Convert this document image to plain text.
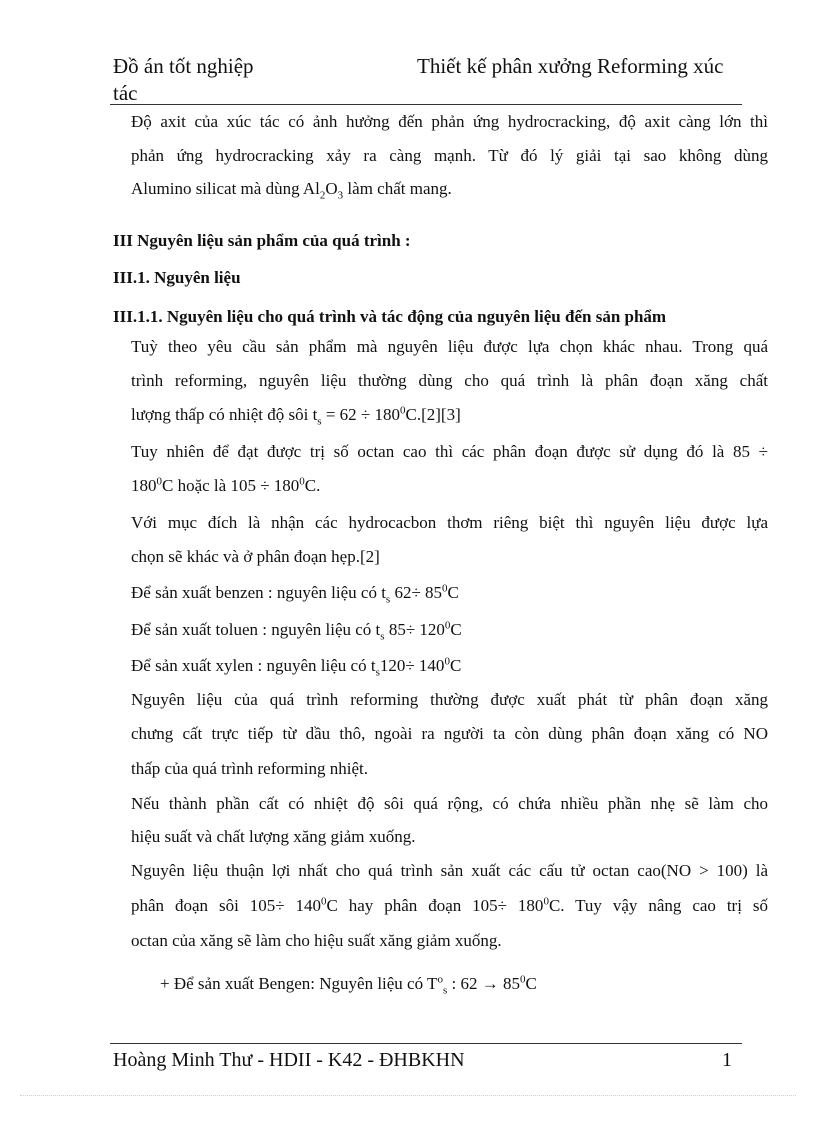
Đồ án tốt nghiệp
tác
Thiết kế phân xưởng Reforming xúc
Độ axit của xúc tác có ảnh hưởng đến phản ứng hydrocracking, độ axit càng lớn thì
phản ứng hydrocracking xảy ra càng mạnh. Từ đó lý giải tại sao không dùng
Alumino silicat mà dùng $Al_2O_3$ làm chất mang.
III Nguyên liệu sản phẩm của quá trình :
III.1. Nguyên liệu
III.1.1. Nguyên liệu cho quá trình và tác động của nguyên liệu đến sản phẩm
Tuỳ theo yêu cầu sản phẩm mà nguyên liệu được lựa chọn khác nhau. Trong quá
trình reforming, nguyên liệu thường dùng cho quá trình là phân đoạn xăng chất
lượng thấp có nhiệt độ sôi $t_s = 62 \div 180^0C.[2][3]$
Tuy nhiên để đạt được trị số octan cao thì các phân đoạn được sử dụng đó là 85 ÷
$180^0C$ hoặc là $105 \div 180^0C$.
Với mục đích là nhận các hydrocacbon thơm riêng biệt thì nguyên liệu được lựa
chọn sẽ khác và ở phân đoạn hẹp.[2]
Để sản xuất benzen : nguyên liệu có $t_s$ $62\div 85^0C$
Để sản xuất toluen : nguyên liệu có $t_s$ $85\div 120^0C$
Để sản xuất xylen : nguyên liệu có $t_s120\div 140^0C$
Nguyên liệu của quá trình reforming thường được xuất phát từ phân đoạn xăng
chưng cất trực tiếp từ dầu thô, ngoài ra người ta còn dùng phân đoạn xăng có NO
thấp của quá trình reforming nhiệt.
Nếu thành phần cất có nhiệt độ sôi quá rộng, có chứa nhiều phần nhẹ sẽ làm cho
hiệu suất và chất lượng xăng giảm xuống.
Nguyên liệu thuận lợi nhất cho quá trình sản xuất các cấu tử octan cao(NO > 100) là
phân đoạn sôi $105\div 140^0C$ hay phân đoạn $105\div 180^0C$. Tuy vậy nâng cao trị số
octan của xăng sẽ làm cho hiệu suất xăng giảm xuống.
+ Để sản xuất Bengen: Nguyên liệu có $T^o_s$ : $62 \to 85^0C$
Hoàng Minh Thư - HDII - K42 - ĐHBKHN	1
